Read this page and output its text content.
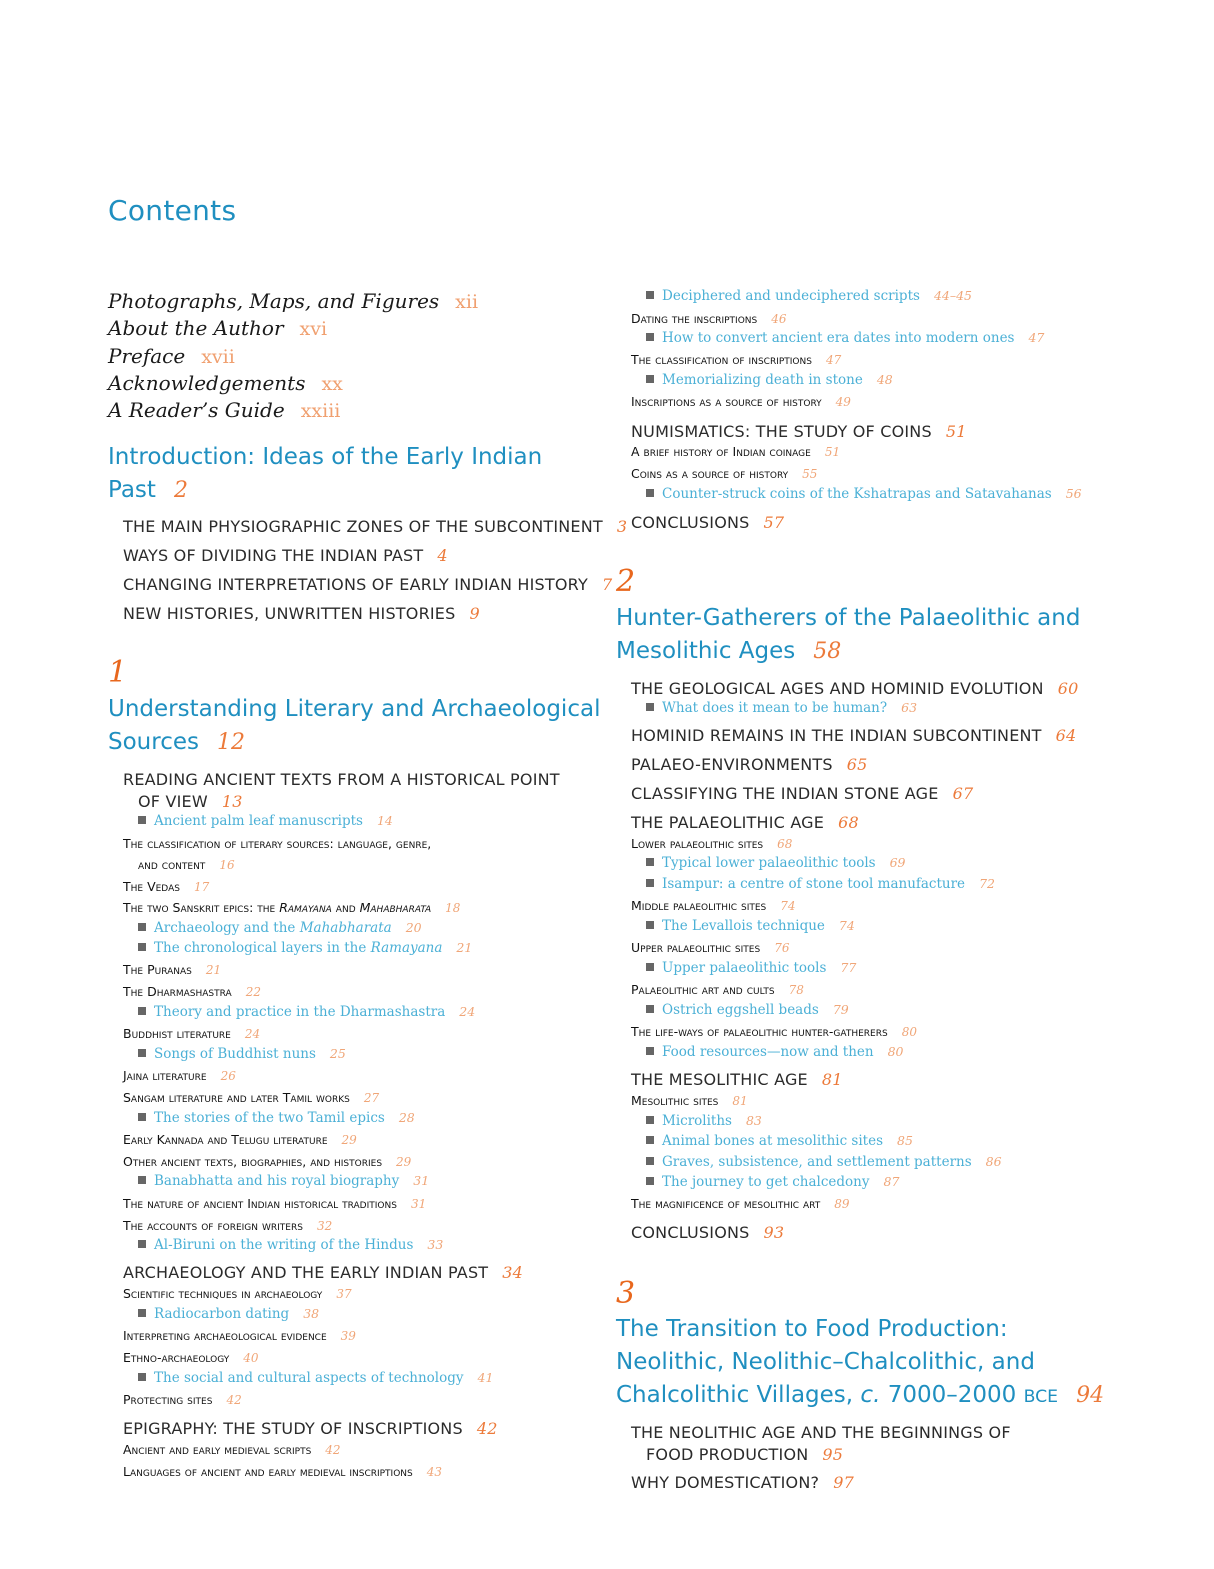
Contents
Photographs, Maps, and Figures xii
About the Author xvi
Preface xvii
Acknowledgements xx
A Reader’s Guide xxiii
Introduction: Ideas of the Early Indian
Past 2
THE MAIN PHYSIOGRAPHIC ZONES OF THE SUBCONTINENT 3
WAYS OF DIVIDING THE INDIAN PAST 4
CHANGING INTERPRETATIONS OF EARLY INDIAN HISTORY 7
NEW HISTORIES, UNWRITTEN HISTORIES 9
1
Understanding Literary and Archaeological
Sources 12
READING ANCIENT TEXTS FROM A HISTORICAL POINT
OF VIEW 13
Ancient palm leaf manuscripts 14
The classification of literary sources: language, genre,
and content 16
The Vedas 17
The two Sanskrit epics: the Ramayana and Mahabharata 18
Archaeology and the Mahabharata 20
The chronological layers in the Ramayana 21
The Puranas 21
The Dharmashastra 22
Theory and practice in the Dharmashastra 24
Buddhist literature 24
Songs of Buddhist nuns 25
Jaina literature 26
Sangam literature and later Tamil works 27
The stories of the two Tamil epics 28
Early Kannada and Telugu literature 29
Other ancient texts, biographies, and histories 29
Banabhatta and his royal biography 31
The nature of ancient Indian historical traditions 31
The accounts of foreign writers 32
Al-Biruni on the writing of the Hindus 33
ARCHAEOLOGY AND THE EARLY INDIAN PAST 34
Scientific techniques in archaeology 37
Radiocarbon dating 38
Interpreting archaeological evidence 39
Ethno-archaeology 40
The social and cultural aspects of technology 41
Protecting sites 42
EPIGRAPHY: THE STUDY OF INSCRIPTIONS 42
Ancient and early medieval scripts 42
Languages of ancient and early medieval inscriptions 43
Deciphered and undeciphered scripts 44–45
Dating the inscriptions 46
How to convert ancient era dates into modern ones 47
The classification of inscriptions 47
Memorializing death in stone 48
Inscriptions as a source of history 49
NUMISMATICS: THE STUDY OF COINS 51
A brief history of Indian coinage 51
Coins as a source of history 55
Counter-struck coins of the Kshatrapas and Satavahanas 56
CONCLUSIONS 57
THE GEOLOGICAL AGES AND HOMINID EVOLUTION 60
What does it mean to be human? 63
HOMINID REMAINS IN THE INDIAN SUBCONTINENT 64
PALAEO-ENVIRONMENTS 65
CLASSIFYING THE INDIAN STONE AGE 67
THE PALAEOLITHIC AGE 68
Lower palaeolithic sites 68
Typical lower palaeolithic tools 69
Isampur: a centre of stone tool manufacture 72
Middle palaeolithic sites 74
The Levallois technique 74
Upper palaeolithic sites 76
Upper palaeolithic tools 77
Palaeolithic art and cults 78
Ostrich eggshell beads 79
The life-ways of palaeolithic hunter-gatherers 80
Food resources—now and then 80
THE MESOLITHIC AGE 81
Mesolithic sites 81
Microliths 83
Animal bones at mesolithic sites 85
Graves, subsistence, and settlement patterns 86
The journey to get chalcedony 87
The magnificence of mesolithic art 89
CONCLUSIONS 93
THE NEOLITHIC AGE AND THE BEGINNINGS OF
FOOD PRODUCTION 95
WHY DOMESTICATION? 97
2
Hunter-Gatherers of the Palaeolithic and
Mesolithic Ages 58
3
The Transition to Food Production:
Neolithic, Neolithic–Chalcolithic, and
Chalcolithic Villages, c. 7000–2000 BCE 94
